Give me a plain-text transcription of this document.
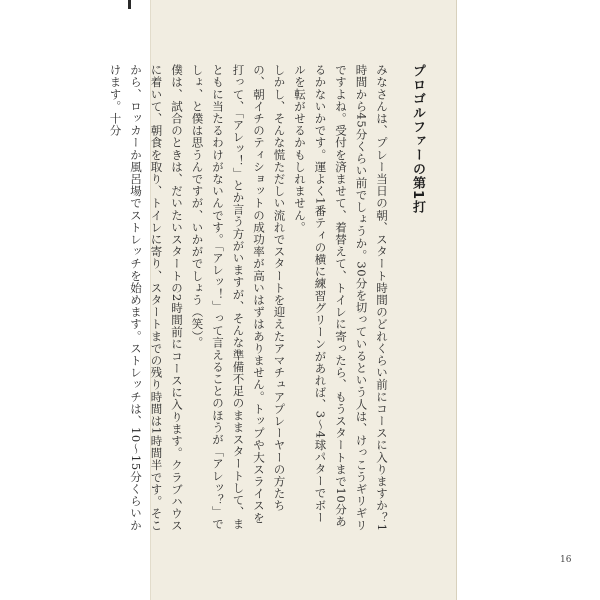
16
プロゴルファーの第1打

みなさんは、プレー当日の朝、スタート時間のどれくらい前にコースに入りますか？1時間から45分くらい前でしょうか。30分を切っているという人は、けっこうギリギリですよね。受付を済ませて、着替えて、トイレに寄ったら、もうスタートまで10分あるかないかです。運よく1番ティの横に練習グリーンがあれば、3～4球パターでボールを転がせるかもしれません。

しかし、そんな慌ただしい流れでスタートを迎えたアマチュアプレーヤーの方たちの、朝イチのティショットの成功率が高いはずはありません。トップや大スライスを打って、「アレッ！」とか言う方がいますが、そんな準備不足のままスタートして、まともに当たるわけがないんです。「アレッ！」って言えることのほうが「アレッ？」でしょ、と僕は思うんですが、いかがでしょう（笑）。

僕は、試合のときは、だいたいスタートの2時間前にコースに入ります。クラブハウスに着いて、朝食を取り、トイレに寄り、スタートまでの残り時間は1時間半です。そこから、ロッカーか風呂場でストレッチを始めます。ストレッチは、10～15分くらいかけます。十分
